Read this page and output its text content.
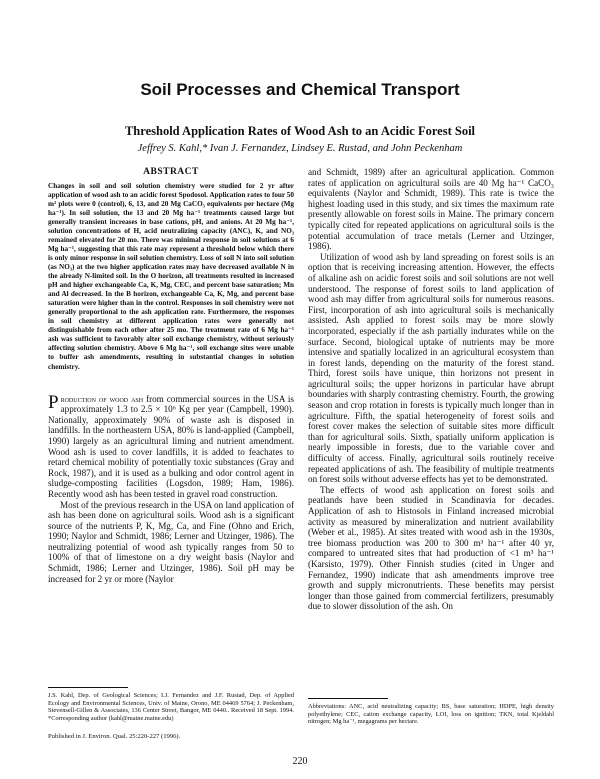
Soil Processes and Chemical Transport
Threshold Application Rates of Wood Ash to an Acidic Forest Soil
Jeffrey S. Kahl,* Ivan J. Fernandez, Lindsey E. Rustad, and John Peckenham
ABSTRACT
Changes in soil and soil solution chemistry were studied for 2 yr after application of wood ash to an acidic forest Spodosol. Application rates to four 50 m² plots were 0 (control), 6, 13, and 20 Mg CaCO₃ equivalents per hectare (Mg ha⁻¹). In soil solution, the 13 and 20 Mg ha⁻¹ treatments caused large but generally transient increases in base cations, pH, and anions. At 20 Mg ha⁻¹, solution concentrations of H, acid neutralizing capacity (ANC), K, and NO₃ remained elevated for 20 mo. There was minimal response in soil solutions at 6 Mg ha⁻¹, suggesting that this rate may represent a threshold below which there is only minor response in soil solution chemistry. Loss of soil N into soil solution (as NO₃) at the two higher application rates may have decreased available N in the already N-limited soil. In the O horizon, all treatments resulted in increased pH and higher exchangeable Ca, K, Mg, CEC, and percent base saturation; Mn and Al decreased. In the B horizon, exchangeable Ca, K, Mg, and percent base saturation were higher than in the control. Responses in soil chemistry were not generally proportional to the ash application rate. Furthermore, the responses in soil chemistry at different application rates were generally not distinguishable from each other after 25 mo. The treatment rate of 6 Mg ha⁻¹ ash was sufficient to favorably alter soil exchange chemistry, without seriously affecting solution chemistry. Above 6 Mg ha⁻¹, soil exchange sites were unable to buffer ash amendments, resulting in substantial changes in solution chemistry.

Production of wood ash from commercial sources in the USA is approximately 1.3 to 2.5 × 10⁶ Kg per year (Campbell, 1990). Nationally, approximately 90% of waste ash is disposed in landfills. In the northeastern USA, 80% is land-applied (Campbell, 1990) largely as an agricultural liming and nutrient amendment. Wood ash is used to cover landfills, it is added to feachates to retard chemical mobility of potentially toxic substances (Gray and Rock, 1987), and it is used as a bulking and odor control agent in sludge-composting facilities (Logsdon, 1989; Ham, 1986). Recently wood ash has been tested in gravel road construction.

Most of the previous research in the USA on land application of ash has been done on agricultural soils. Wood ash is a significant source of the nutrients P, K, Mg, Ca, and Fine (Ohno and Erich, 1990; Naylor and Schmidt, 1986; Lerner and Utzinger, 1986). The neutralizing potential of wood ash typically ranges from 50 to 100% of that of limestone on a dry weight basis (Naylor and Schmidt, 1986; Lerner and Utzinger, 1986). Soil pH may be increased for 2 yr or more (Naylor

and Schmidt, 1989) after an agricultural application. Common rates of application on agricultural soils are 40 Mg ha⁻¹ CaCO₃ equivalents (Naylor and Schmidt, 1989). This rate is twice the highest loading used in this study, and six times the maximum rate presently allowable on forest soils in Maine. The primary concern typically cited for repeated applications on agricultural soils is the potential accumulation of trace metals (Lerner and Utzinger, 1986).

Utilization of wood ash by land spreading on forest soils is an option that is receiving increasing attention. However, the effects of alkaline ash on acidic forest soils and soil solutions are not well understood. The response of forest soils to land application of wood ash may differ from agricultural soils for numerous reasons. First, incorporation of ash into agricultural soils is mechanically assisted. Ash applied to forest soils may be more slowly incorporated, especially if the ash partially indurates while on the surface. Second, biological uptake of nutrients may be more intensive and spatially localized in an agricultural ecosystem than in forest lands, depending on the maturity of the forest stand. Third, forest soils have unique, thin horizons not present in agricultural soils; the upper horizons in particular have abrupt boundaries with sharply contrasting chemistry. Fourth, the growing season and crop rotation in forests is typically much longer than in agriculture. Fifth, the spatial heterogeneity of forest soils and forest cover makes the selection of suitable sites more difficult than for agricultural soils. Sixth, spatially uniform application is nearly impossible in forests, due to the variable cover and difficulty of access. Finally, agricultural soils routinely receive repeated applications of ash. The feasibility of multiple treatments on forest soils without adverse effects has yet to be demonstrated.

The effects of wood ash application on forest soils and peatlands have been studied in Scandinavia for decades. Application of ash to Histosols in Finland increased microbial activity as measured by mineralization and nutrient availability (Weber et al., 1985). At sites treated with wood ash in the 1930s, tree biomass production was 200 to 300 m³ ha⁻¹ after 40 yr, compared to untreated sites that had production of <1 m³ ha⁻¹ (Karsisto, 1979). Other Finnish studies (cited in Unger and Fernandez, 1990) indicate that ash amendments improve tree growth and supply micronutrients. These benefits may persist longer than those gained from commercial fertilizers, presumably due to slower dissolution of the ash. On

J.S. Kahl, Dep. of Geological Sciences; I.J. Fernandez and J.F. Rustad, Dep. of Applied Ecology and Environmental Sciences, Univ. of Maine, Orono, ME 04469 5764; J. Peckenham, Stevensell-Gillen & Associates, 136 Center Street, Bangor, ME 0440.. Received 18 Sept. 1994. *Corresponding author (kahl@maine.maine.edu)
Published in J. Environ. Qual. 25:220-227 (1996).
Abbreviations: ANC, acid neutralizing capacity; BS, base saturation; HDPE, high density polyethylene; CEC, cation exchange capacity, LOI, loss on ignition; TKN, total Kjeldahl nitrogen; Mg ha⁻¹, megagrams per hectare.
220
